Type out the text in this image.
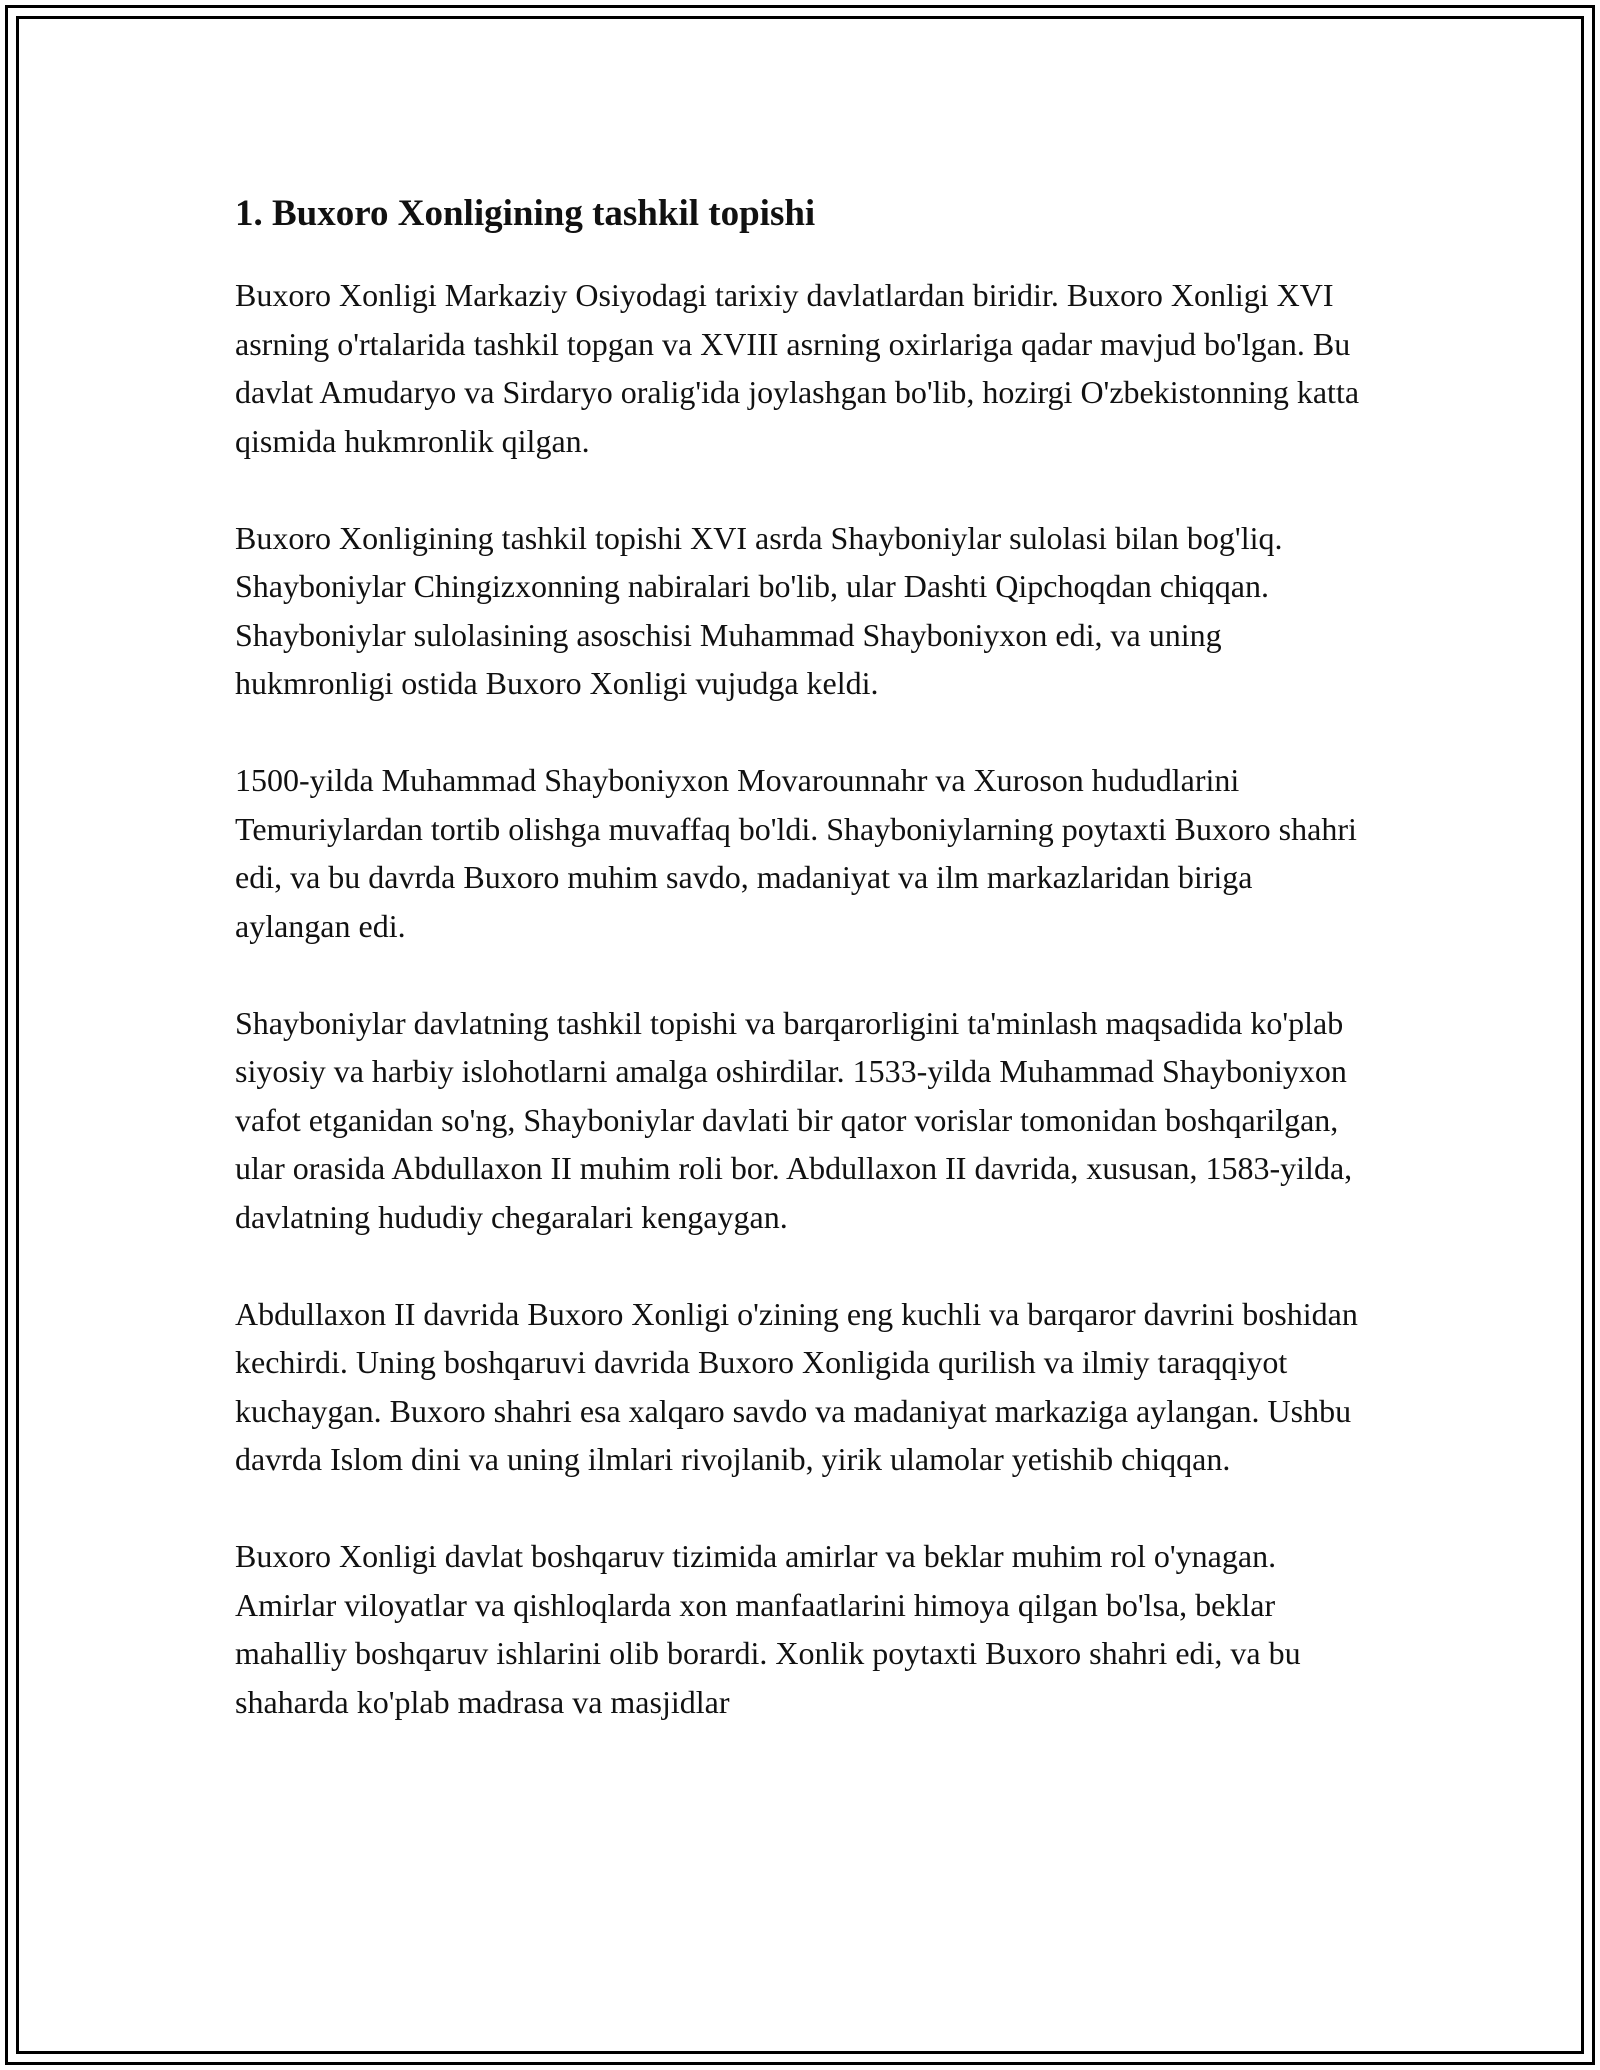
1. Buxoro Xonligining tashkil topishi

Buxoro Xonligi Markaziy Osiyodagi tarixiy davlatlardan biridir. Buxoro Xonligi XVI asrning o'rtalarida tashkil topgan va XVIII asrning oxirlariga qadar mavjud bo'lgan. Bu davlat Amudaryo va Sirdaryo oralig'ida joylashgan bo'lib, hozirgi O'zbekistonning katta qismida hukmronlik qilgan.

Buxoro Xonligining tashkil topishi XVI asrda Shayboniylar sulolasi bilan bog'liq. Shayboniylar Chingizxonning nabiralari bo'lib, ular Dashti Qipchoqdan chiqqan. Shayboniylar sulolasining asoschisi Muhammad Shayboniyxon edi, va uning hukmronligi ostida Buxoro Xonligi vujudga keldi.

1500-yilda Muhammad Shayboniyxon Movarounnahr va Xuroson hududlarini Temuriylardan tortib olishga muvaffaq bo'ldi. Shayboniylarning poytaxti Buxoro shahri edi, va bu davrda Buxoro muhim savdo, madaniyat va ilm markazlaridan biriga aylangan edi.

Shayboniylar davlatning tashkil topishi va barqarorligini ta'minlash maqsadida ko'plab siyosiy va harbiy islohotlarni amalga oshirdilar. 1533-yilda Muhammad Shayboniyxon vafot etganidan so'ng, Shayboniylar davlati bir qator vorislar tomonidan boshqarilgan, ular orasida Abdullaxon II muhim roli bor. Abdullaxon II davrida, xususan, 1583-yilda, davlatning hududiy chegaralari kengaygan.

Abdullaxon II davrida Buxoro Xonligi o'zining eng kuchli va barqaror davrini boshidan kechirdi. Uning boshqaruvi davrida Buxoro Xonligida qurilish va ilmiy taraqqiyot kuchaygan. Buxoro shahri esa xalqaro savdo va madaniyat markaziga aylangan. Ushbu davrda Islom dini va uning ilmlari rivojlanib, yirik ulamolar yetishib chiqqan.

Buxoro Xonligi davlat boshqaruv tizimida amirlar va beklar muhim rol o'ynagan. Amirlar viloyatlar va qishloqlarda xon manfaatlarini himoya qilgan bo'lsa, beklar mahalliy boshqaruv ishlarini olib borardi. Xonlik poytaxti Buxoro shahri edi, va bu shaharda ko'plab madrasa va masjidlar
